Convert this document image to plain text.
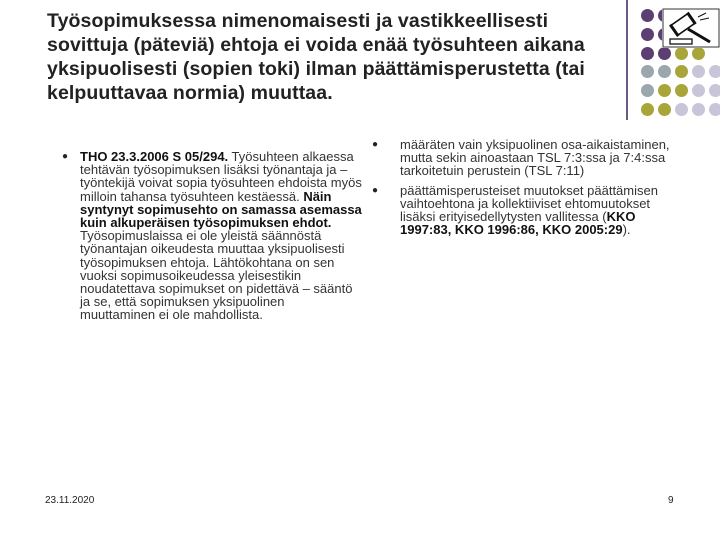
Työsopimuksessa nimenomaisesti ja vastikkeellisesti sovittuja (päteviä) ehtoja ei voida enää työsuhteen aikana yksipuolisesti (sopien toki) ilman päättämisperustetta (tai kelpuuttavaa normia) muuttaa.
● THO 23.3.2006 S 05/294. Työsuhteen alkaessa tehtävän työsopimuksen lisäksi työnantaja ja –työntekijä voivat sopia työsuhteen ehdoista myös milloin tahansa työsuhteen kestäessä. Näin syntynyt sopimusehto on samassa asemassa kuin alkuperäisen työsopimuksen ehdot. Työsopimuslaissa ei ole yleistä säännöstä työnantajan oikeudesta muuttaa yksipuolisesti työsopimuksen ehtoja. Lähtökohtana on sen vuoksi sopimusoikeudessa yleisestikin noudatettava sopimukset on pidettävä – sääntö ja se, että sopimuksen yksipuolinen muuttaminen ei ole mahdollista.
● määräten vain yksipuolinen osa-aikaistaminen, mutta sekin ainoastaan TSL 7:3:ssa ja 7:4:ssa tarkoitetuin perustein (TSL 7:11)
● päättämisperusteiset muutokset päättämisen vaihtoehtona ja kollektiiviset ehtomuutokset lisäksi erityisedellytysten vallitessa (KKO 1997:83, KKO 1996:86, KKO 2005:29).
23.11.2020	9
